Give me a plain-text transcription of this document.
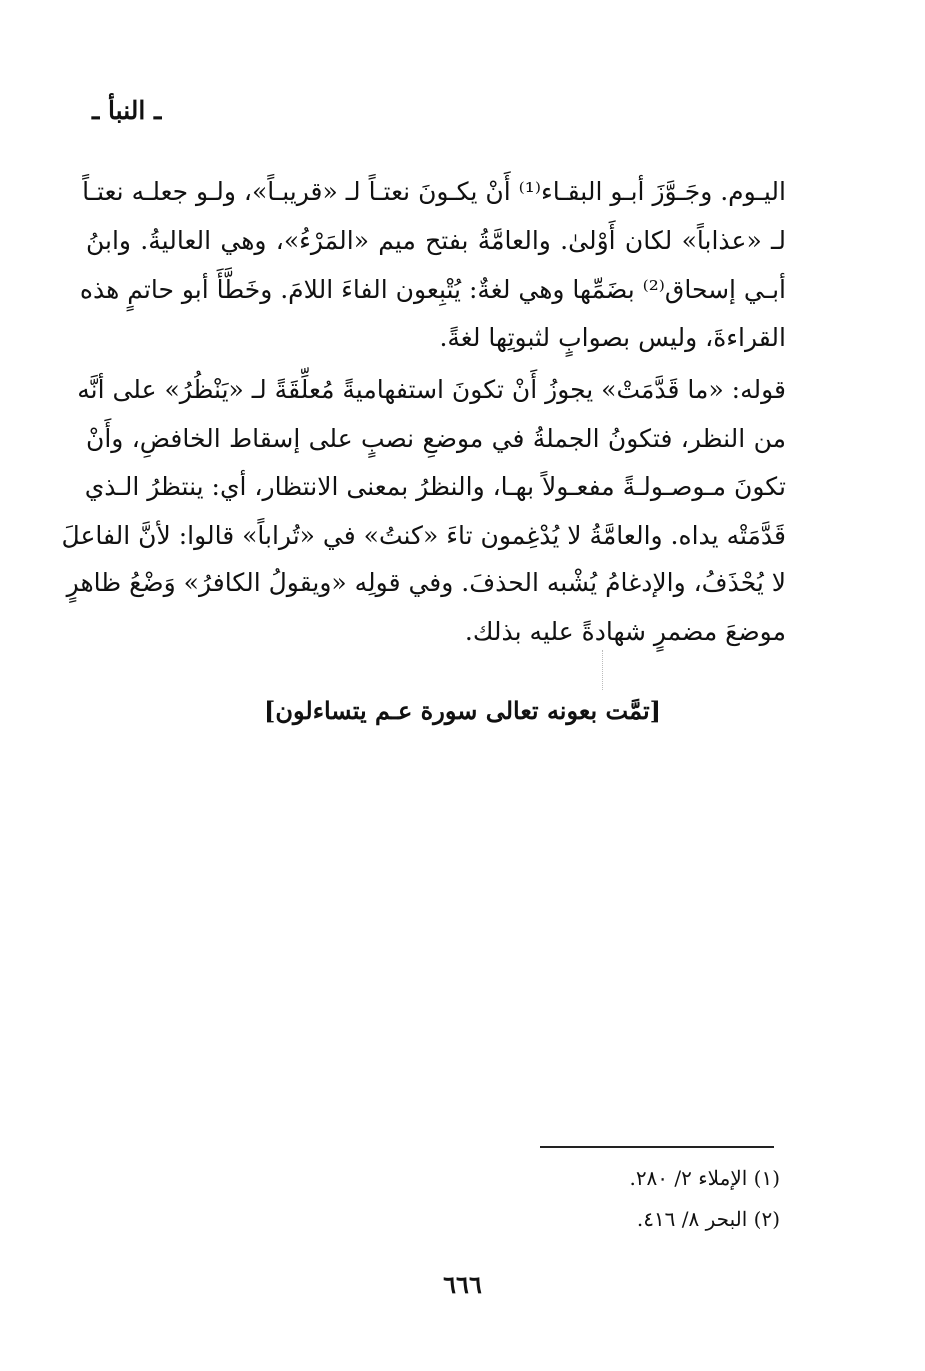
ـ النبأ ـ
اليـوم. وجَـوَّزَ أبـو البقـاء⁽¹⁾ أَنْ يكـونَ نعتـاً لـ «قريبـاً»، ولـو جعلـه نعتـاً
لـ «عذاباً» لكان أَوْلىٰ. والعامَّةُ بفتح ميم «المَرْءُ»، وهي العاليةُ. وابنُ
أبـي إسحاق⁽²⁾ بضَمِّها وهي لغةٌ: يُتْبِعون الفاءَ اللامَ. وخَطَّأَ أبو حاتمٍ هذه
القراءةَ، وليس بصوابٍ لثبوتِها لغةً.
قوله: «ما قَدَّمَتْ» يجوزُ أَنْ تكونَ استفهاميةً مُعلِّقَةً لـ «يَنْظُرُ» على أنَّه
من النظر، فتكونُ الجملةُ في موضعِ نصبٍ على إسقاط الخافضِ، وأَنْ
تكونَ مـوصـولـةً مفعـولاً بهـا، والنظرُ بمعنى الانتظار، أي: ينتظرُ الـذي
قَدَّمَتْه يداه. والعامَّةُ لا يُدْغِمون تاءَ «كنتُ» في «تُراباً» قالوا: لأنَّ الفاعلَ
لا يُحْذَفُ، والإدغامُ يُشْبه الحذفَ. وفي قولِه «ويقولُ الكافرُ» وَضْعُ ظاهرٍ
موضعَ مضمرٍ شهادةً عليه بذلك.
[تمَّت بعونه تعالى سورة عـم يتساءلون]
(١) الإملاء ٢/ ٢٨٠.
(٢) البحر ٨/ ٤١٦.
٦٦٦
